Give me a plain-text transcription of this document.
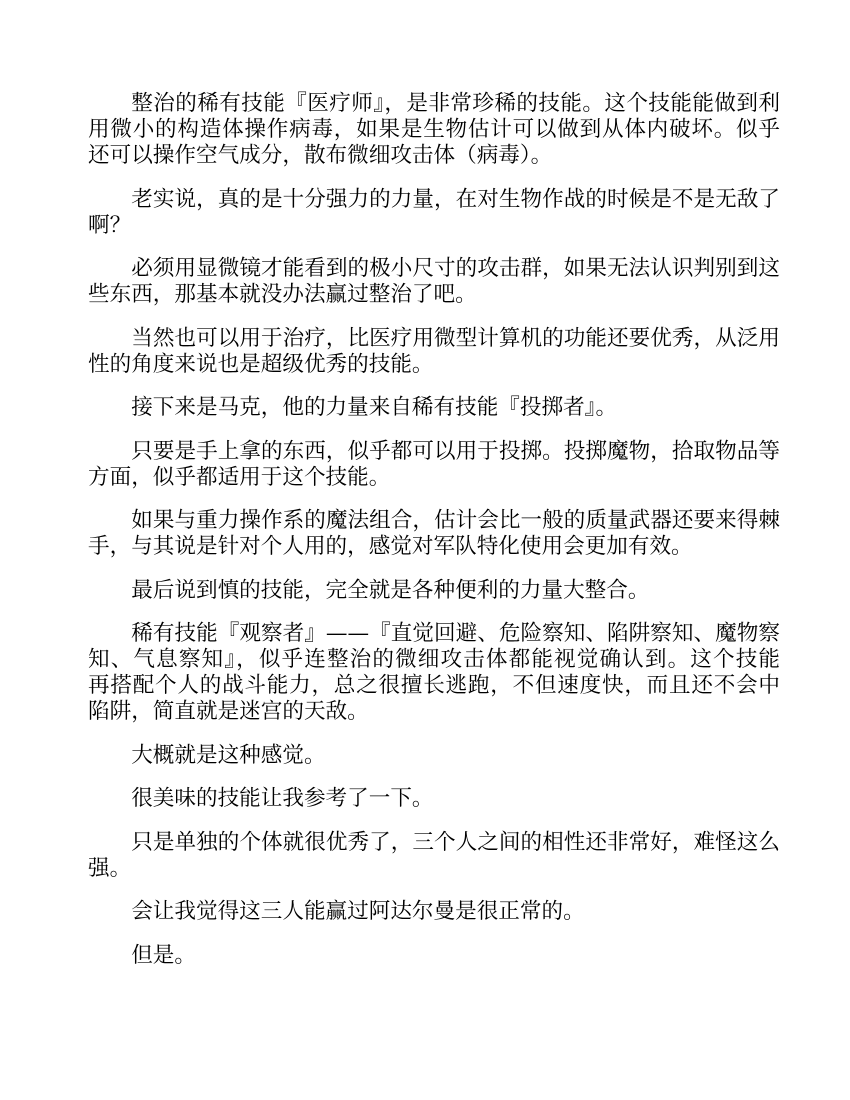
整治的稀有技能『医疗师』，是非常珍稀的技能。这个技能能做到利
用微小的构造体操作病毒，如果是生物估计可以做到从体内破坏。似乎
还可以操作空气成分，散布微细攻击体（病毒）。
老实说，真的是十分强力的力量，在对生物作战的时候是不是无敌了
啊？
必须用显微镜才能看到的极小尺寸的攻击群，如果无法认识判别到这
些东西，那基本就没办法赢过整治了吧。
当然也可以用于治疗，比医疗用微型计算机的功能还要优秀，从泛用
性的角度来说也是超级优秀的技能。
接下来是马克，他的力量来自稀有技能『投掷者』。
只要是手上拿的东西，似乎都可以用于投掷。投掷魔物，拾取物品等
方面，似乎都适用于这个技能。
如果与重力操作系的魔法组合，估计会比一般的质量武器还要来得棘
手，与其说是针对个人用的，感觉对军队特化使用会更加有效。
最后说到慎的技能，完全就是各种便利的力量大整合。
稀有技能『观察者』——『直觉回避、危险察知、陷阱察知、魔物察
知、气息察知』，似乎连整治的微细攻击体都能视觉确认到。这个技能
再搭配个人的战斗能力，总之很擅长逃跑，不但速度快，而且还不会中
陷阱，简直就是迷宫的天敌。
大概就是这种感觉。
很美味的技能让我参考了一下。
只是单独的个体就很优秀了，三个人之间的相性还非常好，难怪这么
强。
会让我觉得这三人能赢过阿达尔曼是很正常的。
但是。
